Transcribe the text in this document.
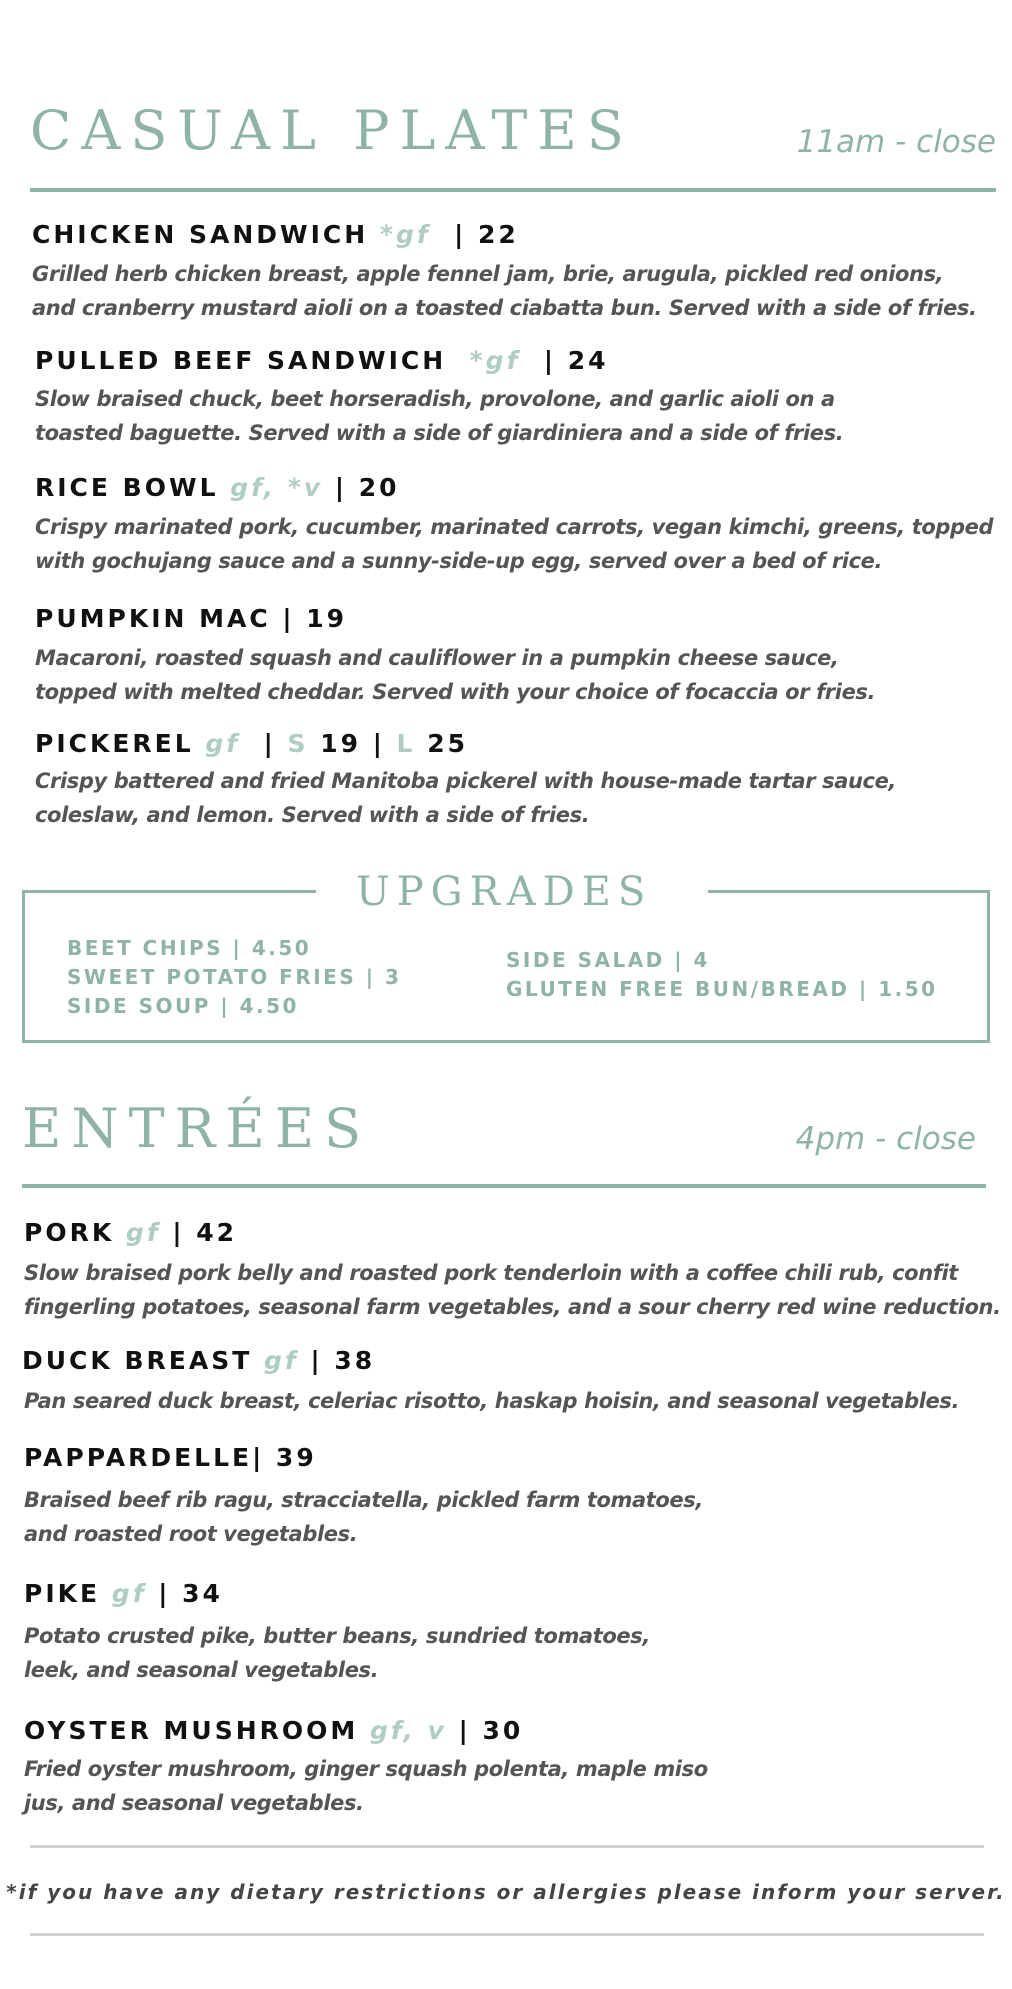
CASUAL PLATES	11am - close
CHICKEN SANDWICH *gf | 22
Grilled herb chicken breast, apple fennel jam, brie, arugula, pickled red onions,
and cranberry mustard aioli on a toasted ciabatta bun. Served with a side of fries.
PULLED BEEF SANDWICH *gf | 24
Slow braised chuck, beet horseradish, provolone, and garlic aioli on a
toasted baguette. Served with a side of giardiniera and a side of fries.
RICE BOWL gf, *v | 20
Crispy marinated pork, cucumber, marinated carrots, vegan kimchi, greens, topped
with gochujang sauce and a sunny-side-up egg, served over a bed of rice.
PUMPKIN MAC | 19
Macaroni, roasted squash and cauliflower in a pumpkin cheese sauce,
topped with melted cheddar. Served with your choice of focaccia or fries.
PICKEREL gf | S 19 | L 25
Crispy battered and fried Manitoba pickerel with house-made tartar sauce,
coleslaw, and lemon. Served with a side of fries.
UPGRADES
BEET CHIPS | 4.50
SWEET POTATO FRIES | 3
SIDE SOUP | 4.50
SIDE SALAD | 4
GLUTEN FREE BUN/BREAD | 1.50
ENTRÉES	4pm - close
PORK gf | 42
Slow braised pork belly and roasted pork tenderloin with a coffee chili rub, confit
fingerling potatoes, seasonal farm vegetables, and a sour cherry red wine reduction.
DUCK BREAST gf | 38
Pan seared duck breast, celeriac risotto, haskap hoisin, and seasonal vegetables.
PAPPARDELLE| 39
Braised beef rib ragu, stracciatella, pickled farm tomatoes,
and roasted root vegetables.
PIKE gf | 34
Potato crusted pike, butter beans, sundried tomatoes,
leek, and seasonal vegetables.
OYSTER MUSHROOM gf, v | 30
Fried oyster mushroom, ginger squash polenta, maple miso
jus, and seasonal vegetables.
*if you have any dietary restrictions or allergies please inform your server.
